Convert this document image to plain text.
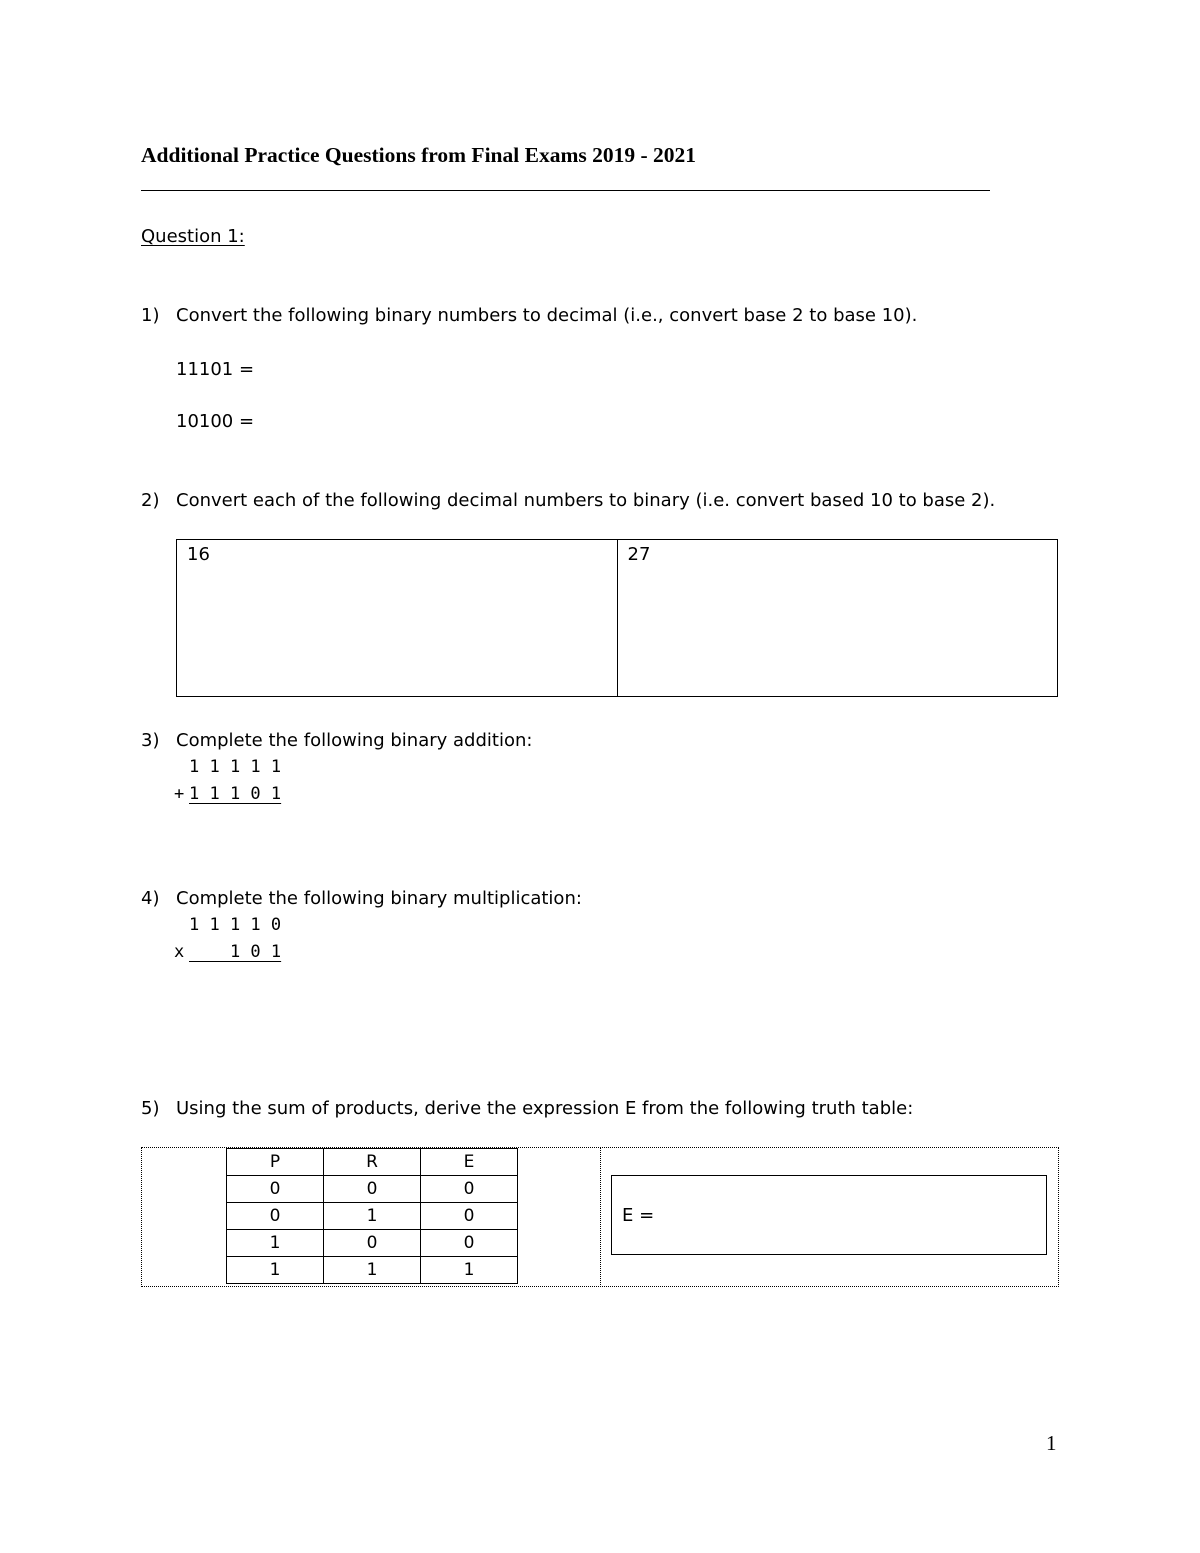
Additional Practice Questions from Final Exams 2019 - 2021
Question 1:
1) Convert the following binary numbers to decimal (i.e., convert base 2 to base 10).
11101 =
10100 =
2) Convert each of the following decimal numbers to binary (i.e. convert based 10 to base 2).
16	27
3) Complete the following binary addition:
1 1 1 1 1
+ 1 1 1 0 1
4) Complete the following binary multiplication:
1 1 1 1 0
x 1 0 1
5) Using the sum of products, derive the expression E from the following truth table:
P	R	E
0	0	0
0	1	0
1	0	0
1	1	1
E =
1
